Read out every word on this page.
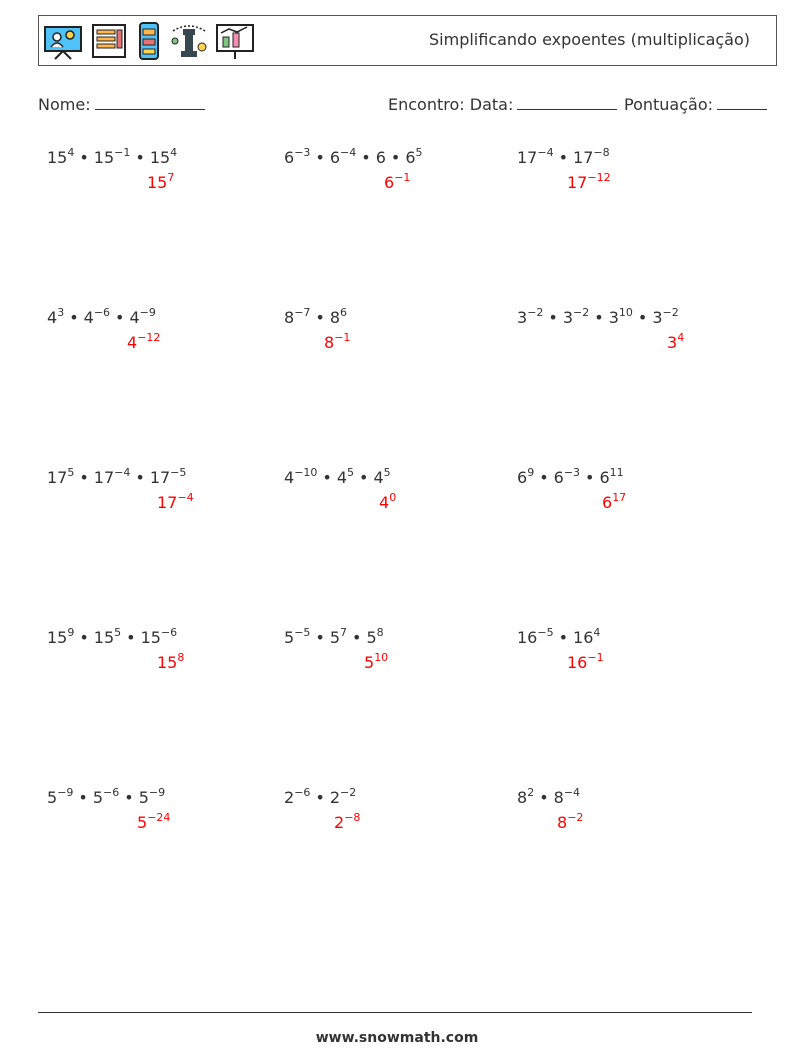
Simplificando expoentes (multiplicação)
Nome:	Encontro: Data:	Pontuação:
$15^4$ • $15^{-1}$ • $15^4$
$15^7$
$6^{-3}$ • $6^{-4}$ • 6 • $6^5$
$6^{-1}$
$17^{-4}$ • $17^{-8}$
$17^{-12}$
$4^3$ • $4^{-6}$ • $4^{-9}$
$4^{-12}$
$8^{-7}$ • $8^6$
$8^{-1}$
$3^{-2}$ • $3^{-2}$ • $3^{10}$ • $3^{-2}$
$3^4$
$17^5$ • $17^{-4}$ • $17^{-5}$
$17^{-4}$
$4^{-10}$ • $4^5$ • $4^5$
$4^0$
$6^9$ • $6^{-3}$ • $6^{11}$
$6^{17}$
$15^9$ • $15^5$ • $15^{-6}$
$15^8$
$5^{-5}$ • $5^7$ • $5^8$
$5^{10}$
$16^{-5}$ • $16^4$
$16^{-1}$
$5^{-9}$ • $5^{-6}$ • $5^{-9}$
$5^{-24}$
$2^{-6}$ • $2^{-2}$
$2^{-8}$
$8^2$ • $8^{-4}$
$8^{-2}$
www.snowmath.com
